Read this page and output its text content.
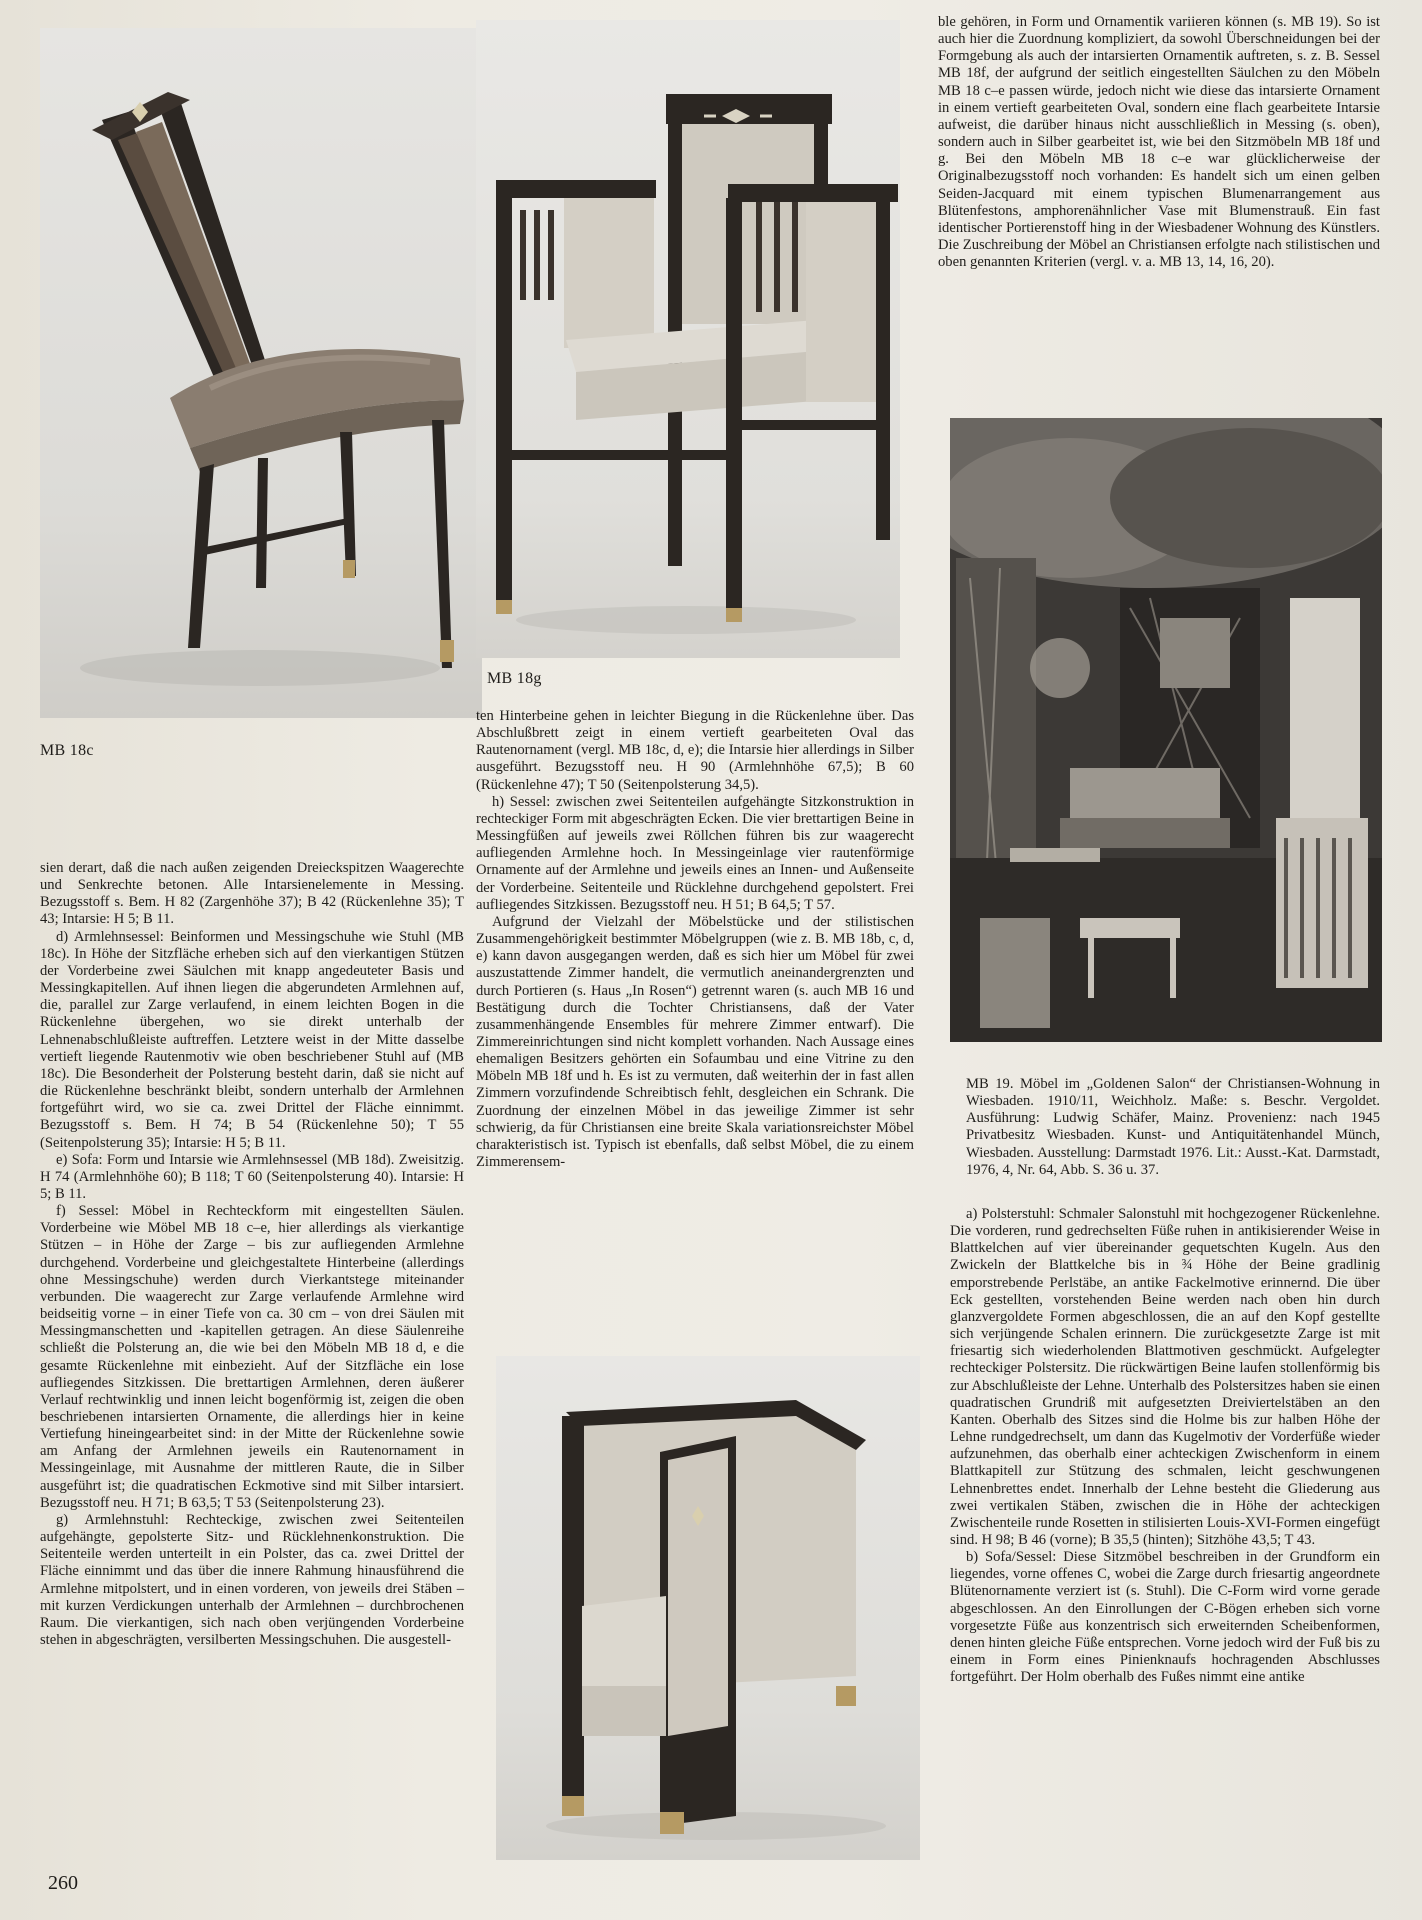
MB 18c
MB 18g

ble gehören, in Form und Ornamentik variieren können (s. MB 19). So ist auch hier die Zuordnung kompliziert, da sowohl Überschneidungen bei der Formgebung als auch der intarsierten Ornamentik auftreten, s. z. B. Sessel MB 18f, der aufgrund der seitlich eingestellten Säulchen zu den Möbeln MB 18 c–e passen würde, jedoch nicht wie diese das intarsierte Ornament in einem vertieft gearbeiteten Oval, sondern eine flach gearbeitete Intarsie aufweist, die darüber hinaus nicht ausschließlich in Messing (s. oben), sondern auch in Silber gearbeitet ist, wie bei den Sitzmöbeln MB 18f und g. Bei den Möbeln MB 18 c–e war glücklicherweise der Originalbezugsstoff noch vorhanden: Es handelt sich um einen gelben Seiden-Jacquard mit einem typischen Blumenarrangement aus Blütenfestons, amphorenähnlicher Vase mit Blumenstrauß. Ein fast identischer Portierenstoff hing in der Wiesbadener Wohnung des Künstlers. Die Zuschreibung der Möbel an Christiansen erfolgte nach stilistischen und oben genannten Kriterien (vergl. v. a. MB 13, 14, 16, 20).

MB 19. Möbel im „Goldenen Salon“ der Christiansen-Wohnung in Wiesbaden. 1910/11, Weichholz. Maße: s. Beschr. Vergoldet. Ausführung: Ludwig Schäfer, Mainz. Provenienz: nach 1945 Privatbesitz Wiesbaden. Kunst- und Antiquitätenhandel Münch, Wiesbaden. Ausstellung: Darmstadt 1976. Lit.: Ausst.-Kat. Darmstadt, 1976, 4, Nr. 64, Abb. S. 36 u. 37.

a) Polsterstuhl: Schmaler Salonstuhl mit hochgezogener Rückenlehne. Die vorderen, rund gedrechselten Füße ruhen in antikisierender Weise in Blattkelchen auf vier übereinander gequetschten Kugeln. Aus den Zwickeln der Blattkelche bis in ¾ Höhe der Beine gradlinig emporstrebende Perlstäbe, an antike Fackelmotive erinnernd. Die über Eck gestellten, vorstehenden Beine werden nach oben hin durch glanzvergoldete Formen abgeschlossen, die an auf den Kopf gestellte sich verjüngende Schalen erinnern. Die zurückgesetzte Zarge ist mit friesartig sich wiederholenden Blattmotiven geschmückt. Aufgelegter rechteckiger Polstersitz. Die rückwärtigen Beine laufen stollenförmig bis zur Abschlußleiste der Lehne. Unterhalb des Polstersitzes haben sie einen quadratischen Grundriß mit aufgesetzten Dreiviertelstäben an den Kanten. Oberhalb des Sitzes sind die Holme bis zur halben Höhe der Lehne rundgedrechselt, um dann das Kugelmotiv der Vorderfüße wieder aufzunehmen, das oberhalb einer achteckigen Zwischenform in einem Blattkapitell zur Stützung des schmalen, leicht geschwungenen Lehnenbrettes endet. Innerhalb der Lehne besteht die Gliederung aus zwei vertikalen Stäben, zwischen die in Höhe der achteckigen Zwischenteile runde Rosetten in stilisierten Louis-XVI-Formen eingefügt sind. H 98; B 46 (vorne); B 35,5 (hinten); Sitzhöhe 43,5; T 43.

b) Sofa/Sessel: Diese Sitzmöbel beschreiben in der Grundform ein liegendes, vorne offenes C, wobei die Zarge durch friesartig angeordnete Blütenornamente verziert ist (s. Stuhl). Die C-Form wird vorne gerade abgeschlossen. An den Einrollungen der C-Bögen erheben sich vorne vorgesetzte Füße aus konzentrisch sich erweiternden Scheibenformen, denen hinten gleiche Füße entsprechen. Vorne jedoch wird der Fuß bis zu einem in Form eines Pinienknaufs hochragenden Abschlusses fortgeführt. Der Holm oberhalb des Fußes nimmt eine antike

sien derart, daß die nach außen zeigenden Dreieckspitzen Waagerechte und Senkrechte betonen. Alle Intarsienelemente in Messing. Bezugsstoff s. Bem. H 82 (Zargenhöhe 37); B 42 (Rückenlehne 35); T 43; Intarsie: H 5; B 11.

d) Armlehnsessel: Beinformen und Messingschuhe wie Stuhl (MB 18c). In Höhe der Sitzfläche erheben sich auf den vierkantigen Stützen der Vorderbeine zwei Säulchen mit knapp angedeuteter Basis und Messingkapitellen. Auf ihnen liegen die abgerundeten Armlehnen auf, die, parallel zur Zarge verlaufend, in einem leichten Bogen in die Rückenlehne übergehen, wo sie direkt unterhalb der Lehnenabschlußleiste auftreffen. Letztere weist in der Mitte dasselbe vertieft liegende Rautenmotiv wie oben beschriebener Stuhl auf (MB 18c). Die Besonderheit der Polsterung besteht darin, daß sie nicht auf die Rückenlehne beschränkt bleibt, sondern unterhalb der Armlehnen fortgeführt wird, wo sie ca. zwei Drittel der Fläche einnimmt. Bezugsstoff s. Bem. H 74; B 54 (Rückenlehne 50); T 55 (Seitenpolsterung 35); Intarsie: H 5; B 11.

e) Sofa: Form und Intarsie wie Armlehnsessel (MB 18d). Zweisitzig. H 74 (Armlehnhöhe 60); B 118; T 60 (Seitenpolsterung 40). Intarsie: H 5; B 11.

f) Sessel: Möbel in Rechteckform mit eingestellten Säulen. Vorderbeine wie Möbel MB 18 c–e, hier allerdings als vierkantige Stützen – in Höhe der Zarge – bis zur aufliegenden Armlehne durchgehend. Vorderbeine und gleichgestaltete Hinterbeine (allerdings ohne Messingschuhe) werden durch Vierkantstege miteinander verbunden. Die waagerecht zur Zarge verlaufende Armlehne wird beidseitig vorne – in einer Tiefe von ca. 30 cm – von drei Säulen mit Messingmanschetten und -kapitellen getragen. An diese Säulenreihe schließt die Polsterung an, die wie bei den Möbeln MB 18 d, e die gesamte Rückenlehne mit einbezieht. Auf der Sitzfläche ein lose aufliegendes Sitzkissen. Die brettartigen Armlehnen, deren äußerer Verlauf rechtwinklig und innen leicht bogenförmig ist, zeigen die oben beschriebenen intarsierten Ornamente, die allerdings hier in keine Vertiefung hineingearbeitet sind: in der Mitte der Rückenlehne sowie am Anfang der Armlehnen jeweils ein Rautenornament in Messingeinlage, mit Ausnahme der mittleren Raute, die in Silber ausgeführt ist; die quadratischen Eckmotive sind mit Silber intarsiert. Bezugsstoff neu. H 71; B 63,5; T 53 (Seitenpolsterung 23).

g) Armlehnstuhl: Rechteckige, zwischen zwei Seitenteilen aufgehängte, gepolsterte Sitz- und Rücklehnenkonstruktion. Die Seitenteile werden unterteilt in ein Polster, das ca. zwei Drittel der Fläche einnimmt und das über die innere Rahmung hinausführend die Armlehne mitpolstert, und in einen vorderen, von jeweils drei Stäben – mit kurzen Verdickungen unterhalb der Armlehnen – durchbrochenen Raum. Die vierkantigen, sich nach oben verjüngenden Vorderbeine stehen in abgeschrägten, versilberten Messingschuhen. Die ausgestell-

ten Hinterbeine gehen in leichter Biegung in die Rückenlehne über. Das Abschlußbrett zeigt in einem vertieft gearbeiteten Oval das Rautenornament (vergl. MB 18c, d, e); die Intarsie hier allerdings in Silber ausgeführt. Bezugsstoff neu. H 90 (Armlehnhöhe 67,5); B 60 (Rückenlehne 47); T 50 (Seitenpolsterung 34,5).

h) Sessel: zwischen zwei Seitenteilen aufgehängte Sitzkonstruktion in rechteckiger Form mit abgeschrägten Ecken. Die vier brettartigen Beine in Messingfüßen auf jeweils zwei Röllchen führen bis zur waagerecht aufliegenden Armlehne hoch. In Messingeinlage vier rautenförmige Ornamente auf der Armlehne und jeweils eines an Innen- und Außenseite der Vorderbeine. Seitenteile und Rücklehne durchgehend gepolstert. Frei aufliegendes Sitzkissen. Bezugsstoff neu. H 51; B 64,5; T 57.

Aufgrund der Vielzahl der Möbelstücke und der stilistischen Zusammengehörigkeit bestimmter Möbelgruppen (wie z. B. MB 18b, c, d, e) kann davon ausgegangen werden, daß es sich hier um Möbel für zwei auszustattende Zimmer handelt, die vermutlich aneinandergrenzten und durch Portieren (s. Haus „In Rosen“) getrennt waren (s. auch MB 16 und Bestätigung durch die Tochter Christiansens, daß der Vater zusammenhängende Ensembles für mehrere Zimmer entwarf). Die Zimmereinrichtungen sind nicht komplett vorhanden. Nach Aussage eines ehemaligen Besitzers gehörten ein Sofaumbau und eine Vitrine zu den Möbeln MB 18f und h. Es ist zu vermuten, daß weiterhin der in fast allen Zimmern vorzufindende Schreibtisch fehlt, desgleichen ein Schrank. Die Zuordnung der einzelnen Möbel in das jeweilige Zimmer ist sehr schwierig, da für Christiansen eine breite Skala variationsreichster Möbel charakteristisch ist. Typisch ist ebenfalls, daß selbst Möbel, die zu einem Zimmerensem-

260
